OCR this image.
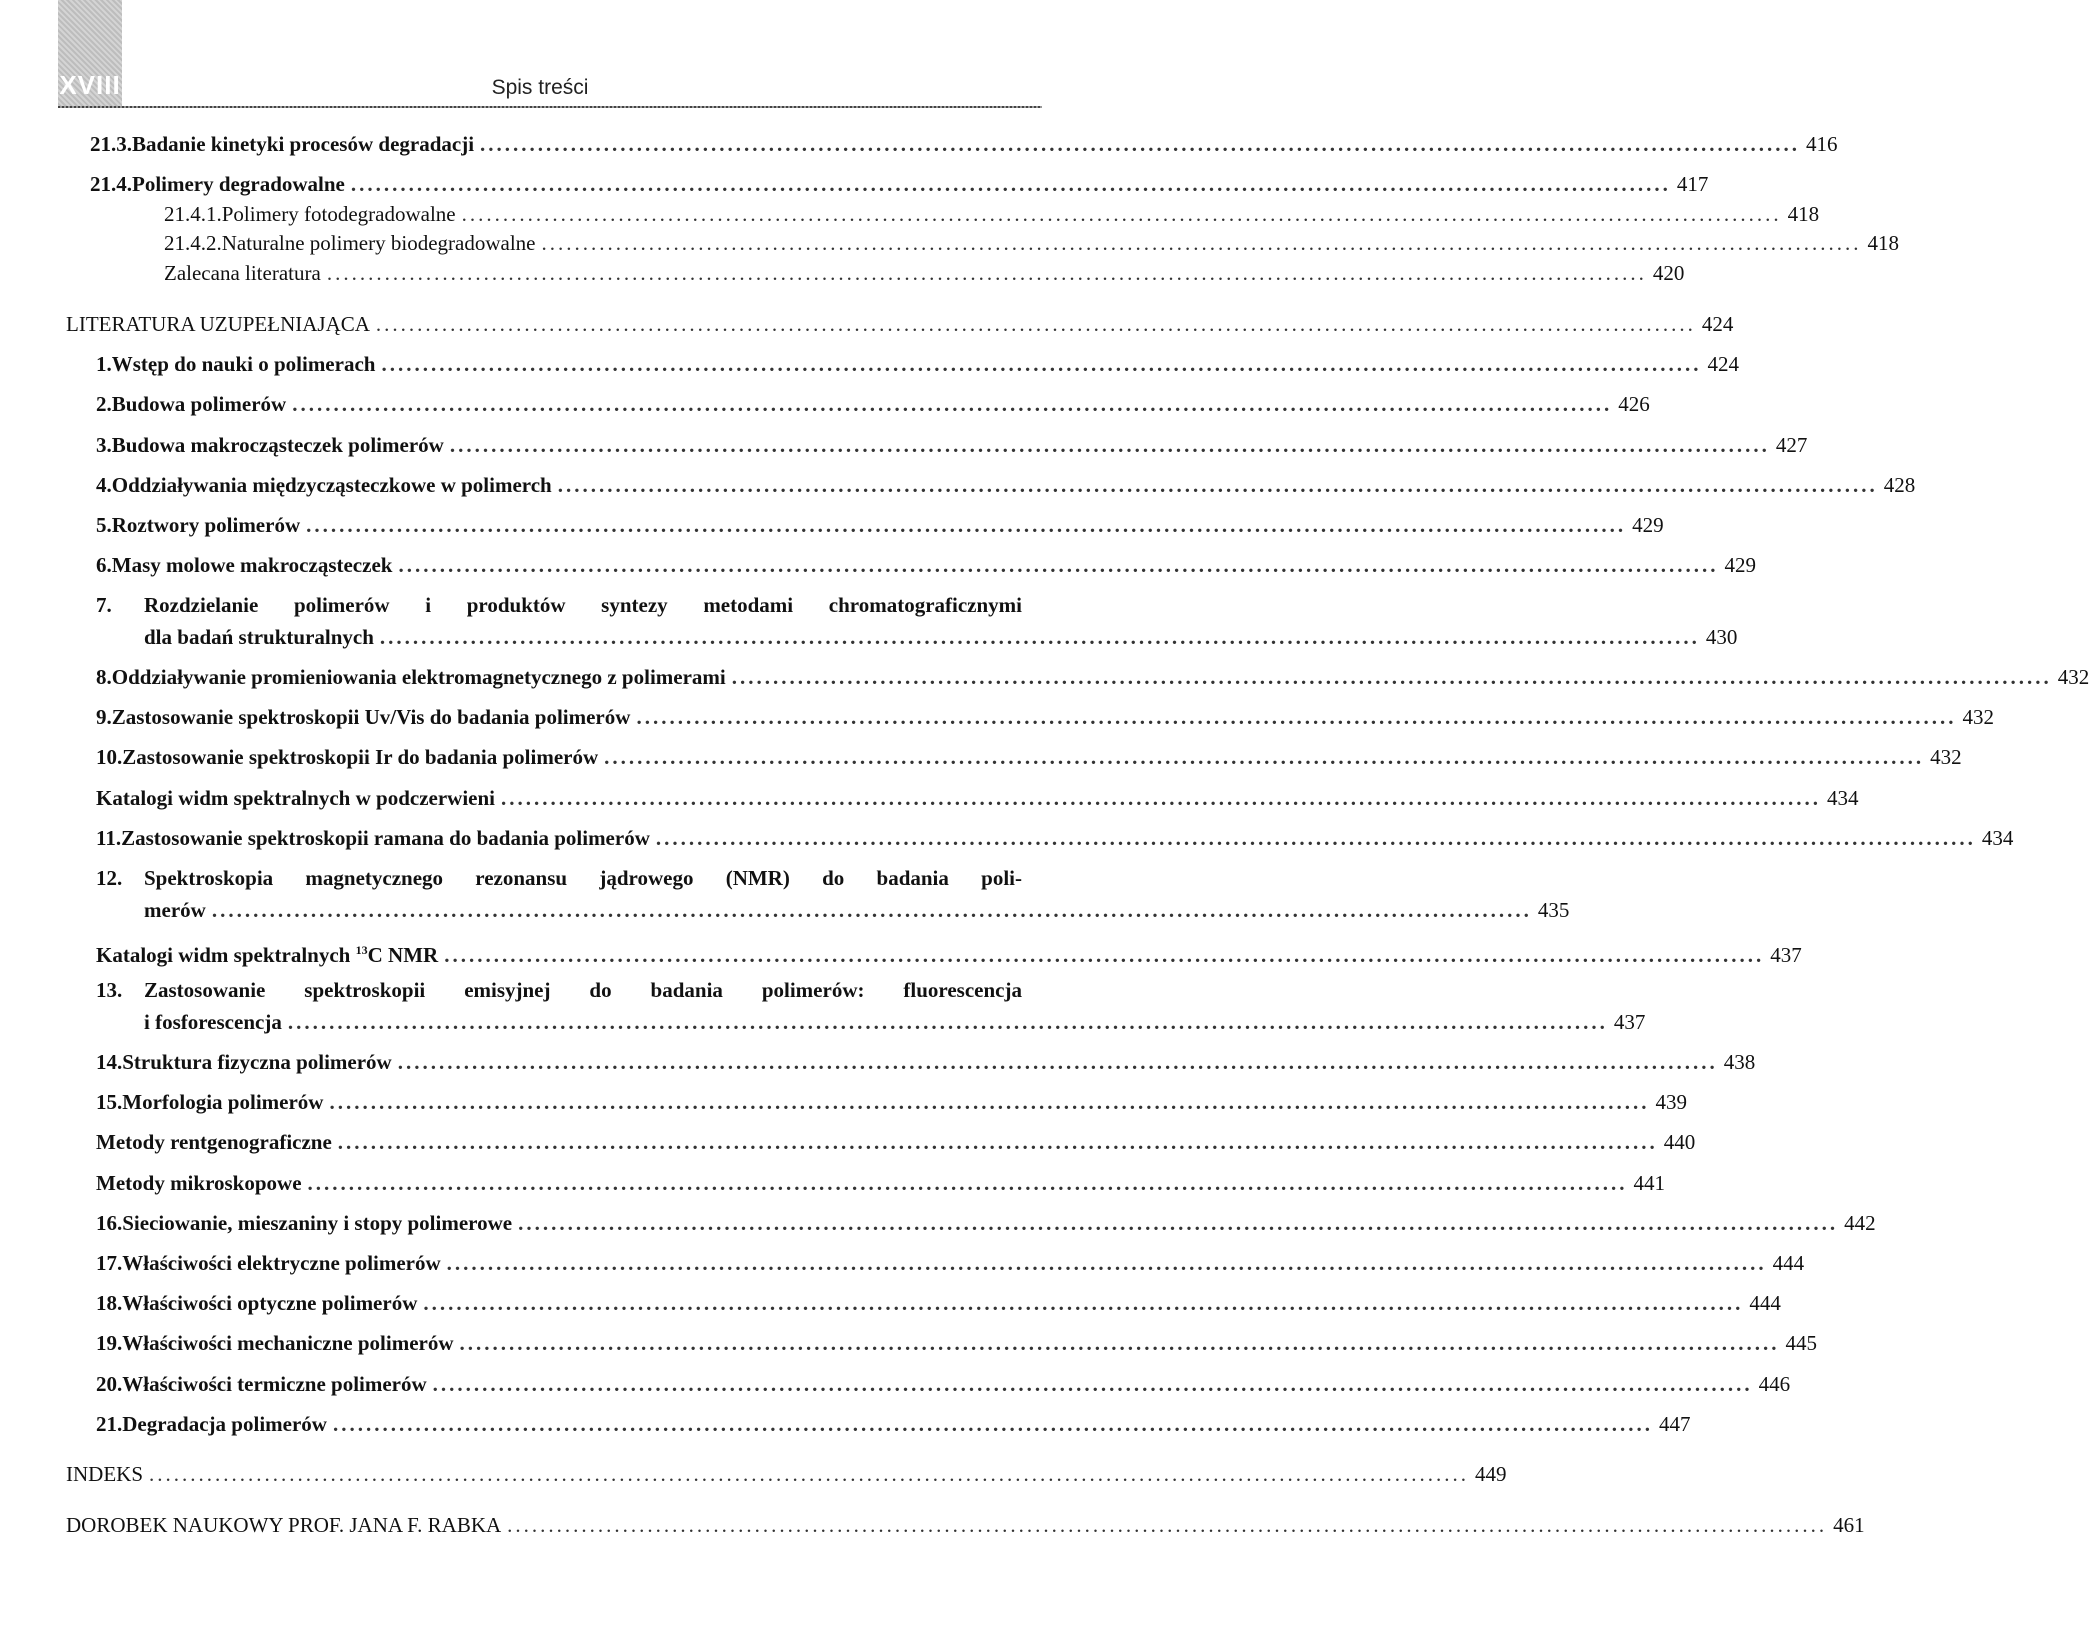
XVIII	Spis treści
21.3. Badanie kinetyki procesów degradacji ................................................................................................................................................................ 416
21.4. Polimery degradowalne ................................................................................................................................................................ 417
21.4.1. Polimery fotodegradowalne ................................................................................................................................................................ 418
21.4.2. Naturalne polimery biodegradowalne ................................................................................................................................................................ 418
Zalecana literatura ................................................................................................................................................................ 420
LITERATURA UZUPEŁNIAJĄCA ................................................................................................................................................................ 424
1. Wstęp do nauki o polimerach ................................................................................................................................................................ 424
2. Budowa polimerów ................................................................................................................................................................ 426
3. Budowa makrocząsteczek polimerów ................................................................................................................................................................ 427
4. Oddziaływania międzycząsteczkowe w polimerch ................................................................................................................................................................ 428
5. Roztwory polimerów ................................................................................................................................................................ 429
6. Masy molowe makrocząsteczek ................................................................................................................................................................ 429
7. Rozdzielanie polimerów i produktów syntezy metodami chromatograficznymi
dla badań strukturalnych ................................................................................................................................................................ 430
8. Oddziaływanie promieniowania elektromagnetycznego z polimerami ................................................................................................................................................................ 432
9. Zastosowanie spektroskopii Uv/Vis do badania polimerów ................................................................................................................................................................ 432
10. Zastosowanie spektroskopii Ir do badania polimerów ................................................................................................................................................................ 432
Katalogi widm spektralnych w podczerwieni ................................................................................................................................................................ 434
11. Zastosowanie spektroskopii ramana do badania polimerów ................................................................................................................................................................ 434
12. Spektroskopia magnetycznego rezonansu jądrowego (NMR) do badania poli-
merów ................................................................................................................................................................ 435
Katalogi widm spektralnych $^{13}$C NMR ................................................................................................................................................................ 437
13. Zastosowanie spektroskopii emisyjnej do badania polimerów: fluorescencja
i fosforescencja ................................................................................................................................................................ 437
14. Struktura fizyczna polimerów ................................................................................................................................................................ 438
15. Morfologia polimerów ................................................................................................................................................................ 439
Metody rentgenograficzne ................................................................................................................................................................ 440
Metody mikroskopowe ................................................................................................................................................................ 441
16. Sieciowanie, mieszaniny i stopy polimerowe ................................................................................................................................................................ 442
17. Właściwości elektryczne polimerów ................................................................................................................................................................ 444
18. Właściwości optyczne polimerów ................................................................................................................................................................ 444
19. Właściwości mechaniczne polimerów ................................................................................................................................................................ 445
20. Właściwości termiczne polimerów ................................................................................................................................................................ 446
21. Degradacja polimerów ................................................................................................................................................................ 447
INDEKS ................................................................................................................................................................ 449
DOROBEK NAUKOWY PROF. JANA F. RABKA ................................................................................................................................................................ 461
